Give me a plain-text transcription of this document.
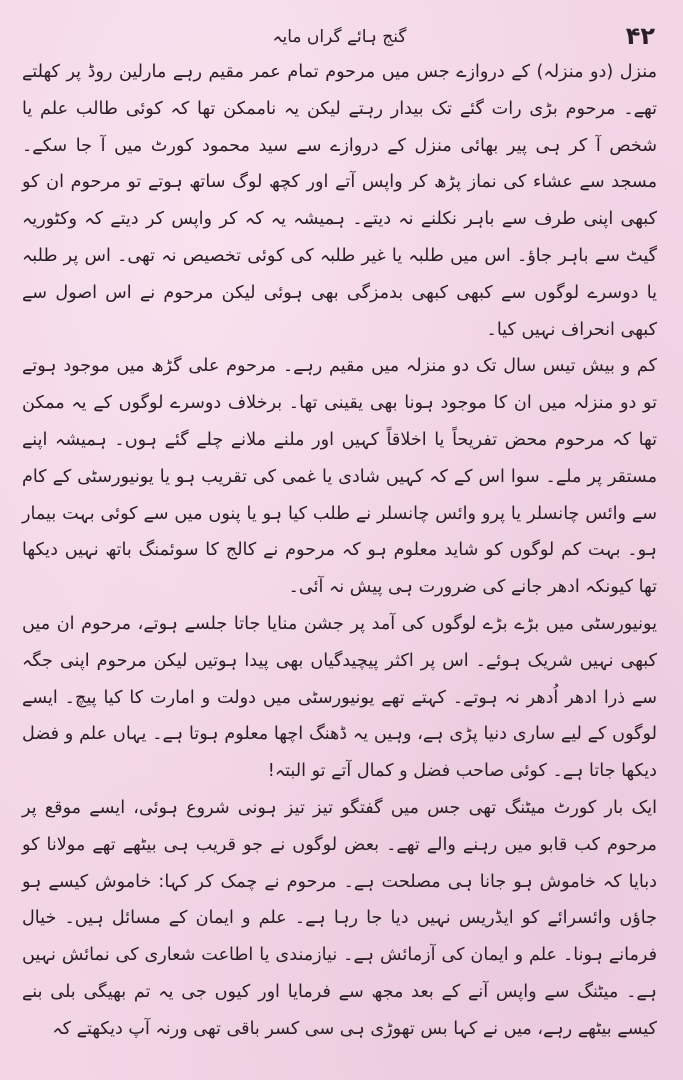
۴۲
گنج ہائے گراں مایہ

منزل (دو منزلہ) کے دروازے جس میں مرحوم تمام عمر مقیم رہے مارلین روڈ پر کھلتے تھے۔ مرحوم بڑی رات گئے تک بیدار رہتے لیکن یہ ناممکن تھا کہ کوئی طالب علم یا شخص آ کر ہی پیر بھائی منزل کے دروازے سے سید محمود کورٹ میں آ جا سکے۔ مسجد سے عشاء کی نماز پڑھ کر واپس آتے اور کچھ لوگ ساتھ ہوتے تو مرحوم ان کو کبھی اپنی طرف سے باہر نکلنے نہ دیتے۔ ہمیشہ یہ کہ کر واپس کر دیتے کہ وکٹوریہ گیٹ سے باہر جاؤ۔ اس میں طلبہ یا غیر طلبہ کی کوئی تخصیص نہ تھی۔ اس پر طلبہ یا دوسرے لوگوں سے کبھی کبھی بدمزگی بھی ہوئی لیکن مرحوم نے اس اصول سے کبھی انحراف نہیں کیا۔

کم و بیش تیس سال تک دو منزلہ میں مقیم رہے۔ مرحوم علی گڑھ میں موجود ہوتے تو دو منزلہ میں ان کا موجود ہونا بھی یقینی تھا۔ برخلاف دوسرے لوگوں کے یہ ممکن تھا کہ مرحوم محض تفریحاً یا اخلاقاً کہیں اور ملنے ملانے چلے گئے ہوں۔ ہمیشہ اپنے مستقر پر ملے۔ سوا اس کے کہ کہیں شادی یا غمی کی تقریب ہو یا یونیورسٹی کے کام سے وائس چانسلر یا پرو وائس چانسلر نے طلب کیا ہو یا پنوں میں سے کوئی بہت بیمار ہو۔ بہت کم لوگوں کو شاید معلوم ہو کہ مرحوم نے کالج کا سوئمنگ باتھ نہیں دیکھا تھا کیونکہ ادھر جانے کی ضرورت ہی پیش نہ آئی۔

یونیورسٹی میں بڑے بڑے لوگوں کی آمد پر جشن منایا جاتا جلسے ہوتے، مرحوم ان میں کبھی نہیں شریک ہوئے۔ اس پر اکثر پیچیدگیاں بھی پیدا ہوتیں لیکن مرحوم اپنی جگہ سے ذرا ادھر اُدھر نہ ہوتے۔ کہتے تھے یونیورسٹی میں دولت و امارت کا کیا پیچ۔ ایسے لوگوں کے لیے ساری دنیا پڑی ہے، وہیں یہ ڈھنگ اچھا معلوم ہوتا ہے۔ یہاں علم و فضل دیکھا جاتا ہے۔ کوئی صاحب فضل و کمال آتے تو البتہ!

ایک بار کورٹ میٹنگ تھی جس میں گفتگو تیز تیز ہونی شروع ہوئی، ایسے موقع پر مرحوم کب قابو میں رہنے والے تھے۔ بعض لوگوں نے جو قریب ہی بیٹھے تھے مولانا کو دبایا کہ خاموش ہو جانا ہی مصلحت ہے۔ مرحوم نے چمک کر کہا: خاموش کیسے ہو جاؤں وائسرائے کو ایڈریس نہیں دیا جا رہا ہے۔ علم و ایمان کے مسائل ہیں۔ خیال فرمانے ہونا۔ علم و ایمان کی آزمائش ہے۔ نیازمندی یا اطاعت شعاری کی نمائش نہیں ہے۔ میٹنگ سے واپس آنے کے بعد مجھ سے فرمایا اور کیوں جی یہ تم بھیگی بلی بنے کیسے بیٹھے رہے، میں نے کہا بس تھوڑی ہی سی کسر باقی تھی ورنہ آپ دیکھتے کہ
